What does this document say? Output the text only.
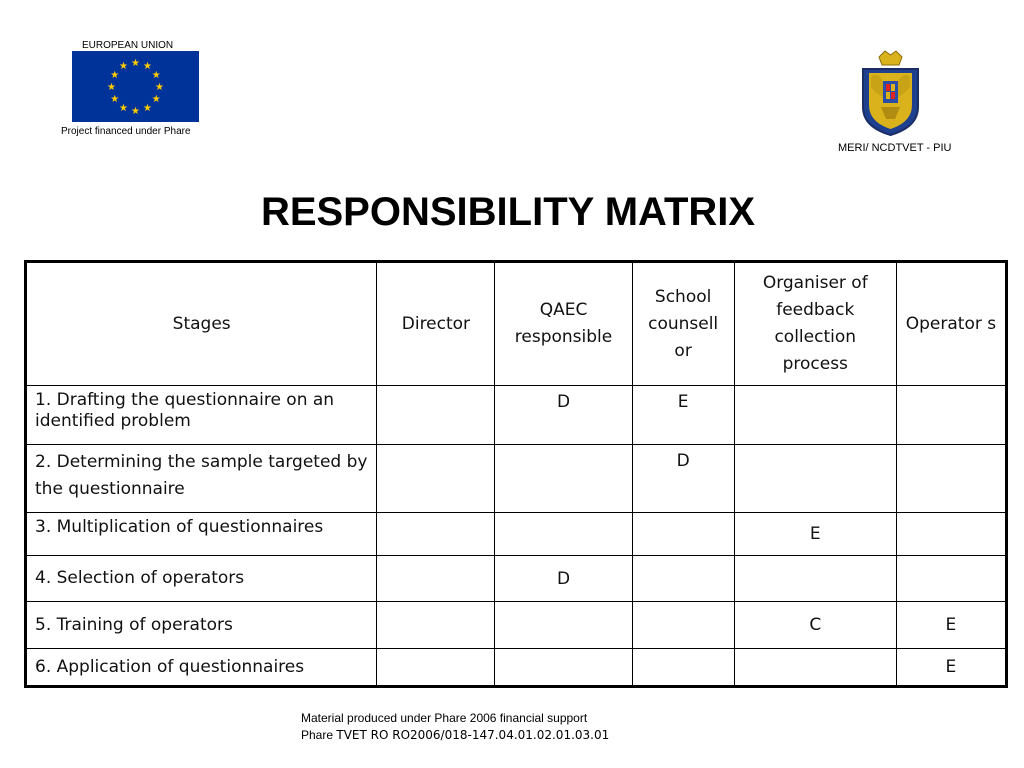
EUROPEAN UNION
★ ★
★
★
★
★
★
★
★
★
★
★
Project financed under Phare
MERI/ NCDTVET - PIU
RESPONSIBILITY MATRIX
Stages	Director	QAEC responsible	School counsell or	Organiser of feedback collection process	Operator s
1. Drafting the questionnaire on an identified problem		D	E		
2. Determining the sample targeted by the questionnaire			D		
3. Multiplication of questionnaires				E	
4. Selection of operators		D			
5. Training of operators				C	E
6. Application of questionnaires					E
Material produced under Phare 2006 financial support
Phare TVET RO RO2006/018-147.04.01.02.01.03.01
